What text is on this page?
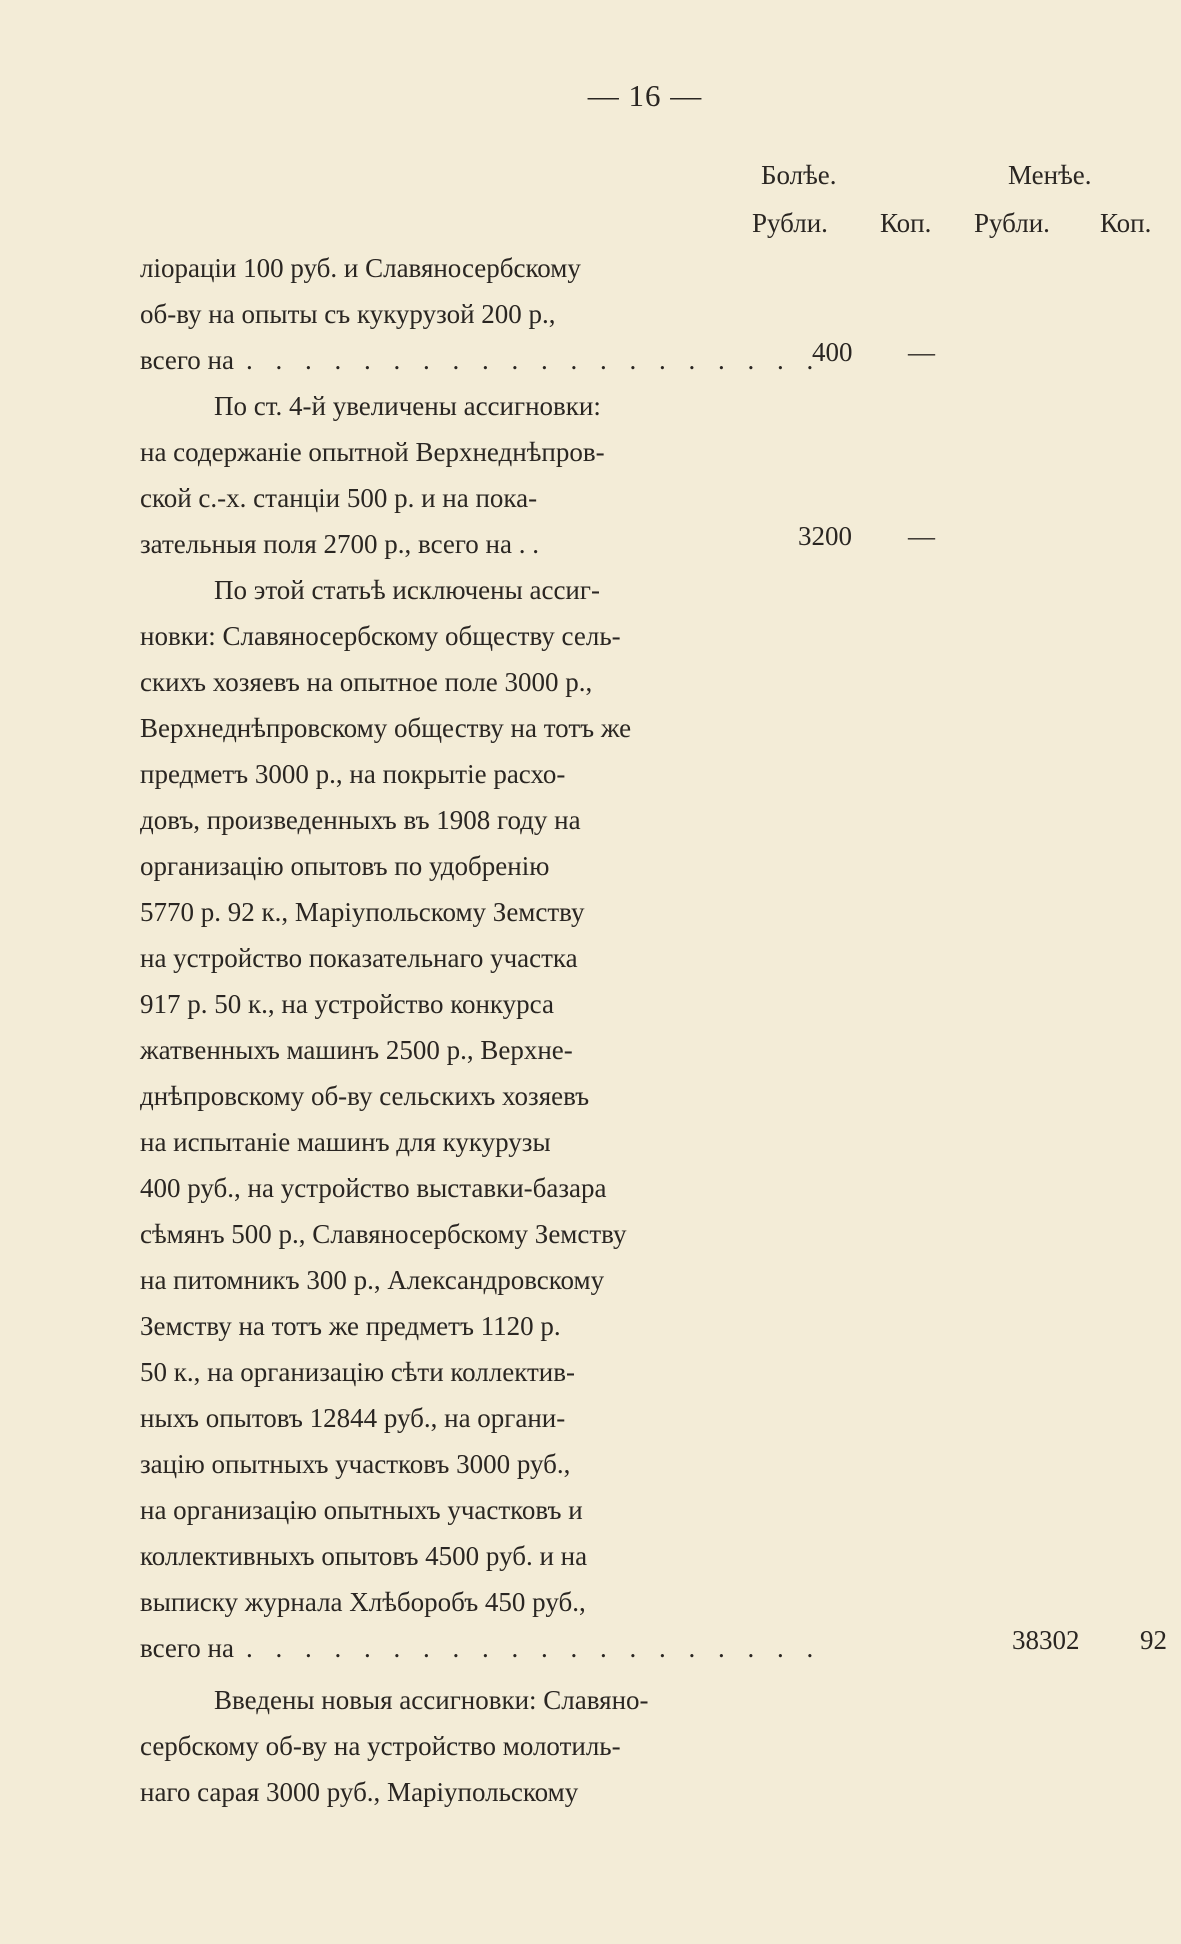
— 16 —
Болѣе.	Менѣе.
Рубли. Коп. Рубли. Коп.
ліораціи 100 руб. и Славяносербскому
об-ву на опыты съ кукурузой 200 р.,
всего на . . . . . . . . . . . . . . . . . . . .
По ст. 4-й увеличены ассигновки:
на содержаніе опытной Верхнеднѣпров-
ской с.-х. станціи 500 р. и на пока-
зательныя поля 2700 р., всего на . .
По этой статьѣ исключены ассиг-
новки: Славяносербскому обществу сель-
скихъ хозяевъ на опытное поле 3000 р.,
Верхнеднѣпровскому обществу на тотъ же
предметъ 3000 р., на покрытіе расхо-
довъ, произведенныхъ въ 1908 году на
организацію опытовъ по удобренію
5770 р. 92 к., Маріупольскому Земству
на устройство показательнаго участка
917 р. 50 к., на устройство конкурса
жатвенныхъ машинъ 2500 р., Верхне-
днѣпровскому об-ву сельскихъ хозяевъ
на испытаніе машинъ для кукурузы
400 руб., на устройство выставки-базара
сѣмянъ 500 р., Славяносербскому Земству
на питомникъ 300 р., Александровскому
Земству на тотъ же предметъ 1120 р.
50 к., на организацію сѣти коллектив-
ныхъ опытовъ 12844 руб., на органи-
зацію опытныхъ участковъ 3000 руб.,
на организацію опытныхъ участковъ и
коллективныхъ опытовъ 4500 руб. и на
выписку журнала Хлѣборобъ 450 руб.,
всего на . . . . . . . . . . . . . . . . . . . .
Введены новыя ассигновки: Славяно-
сербскому об-ву на устройство молотиль-
наго сарая 3000 руб., Маріупольскому
400 —
3200 —
38302 92
